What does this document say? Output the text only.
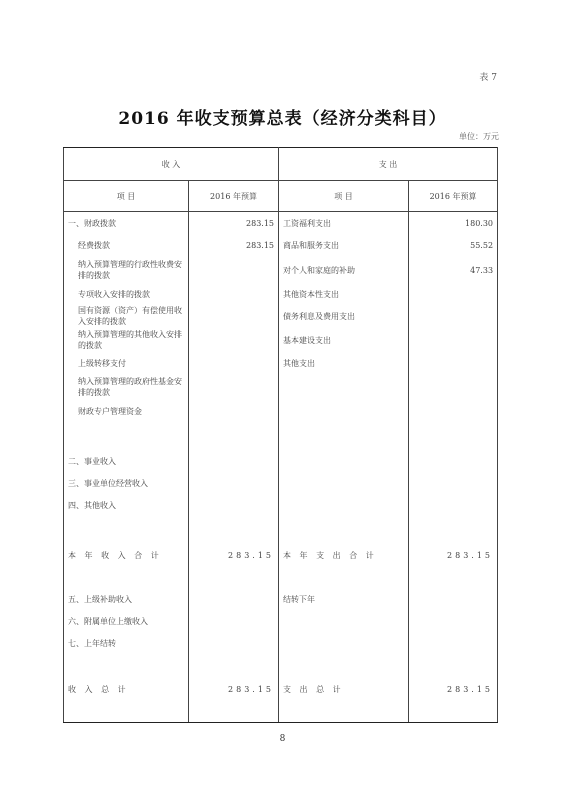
表 7
2016 年收支预算总表（经济分类科目）
单位：万元
收 入		支 出	
项 目	2016 年预算	项 目	2016 年预算
一、财政拨款	283.15	工资福利支出	180.30
经费拨款	283.15	商品和服务支出	55.52
纳入预算管理的行政性收费安排的拨款		对个人和家庭的补助	47.33
专项收入安排的拨款		其他资本性支出	
国有资源（资产）有偿使用收入安排的拨款		债务利息及费用支出	
纳入预算管理的其他收入安排的拨款		基本建设支出	
上级转移支付		其他支出	
纳入预算管理的政府性基金安排的拨款			
财政专户管理资金			

二、事业收入			
三、事业单位经营收入			
四、其他收入			

本 年 收 入 合 计	283.15	本 年 支 出 合 计	283.15

五、上级补助收入		结转下年	
六、附属单位上缴收入			
七、上年结转			

收 入 总 计	283.15	支 出 总 计	283.15

8
